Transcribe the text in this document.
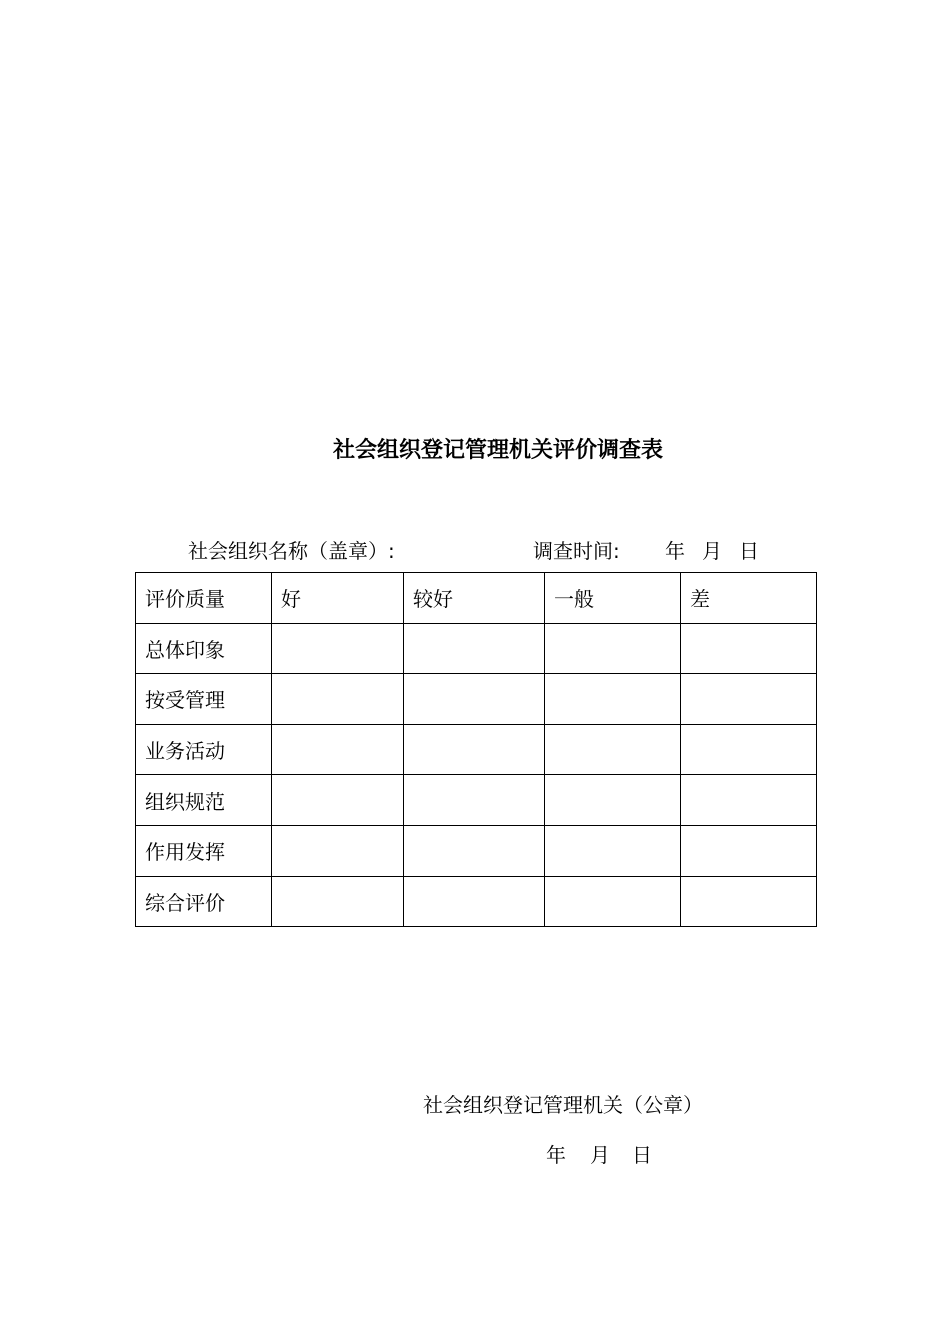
社会组织登记管理机关评价调查表
社会组织名称（盖章）:	调查时间: 年 月 日
评价质量	好	较好	一般	差
总体印象				
按受管理				
业务活动				
组织规范				
作用发挥				
综合评价				
社会组织登记管理机关（公章）
年 月 日
